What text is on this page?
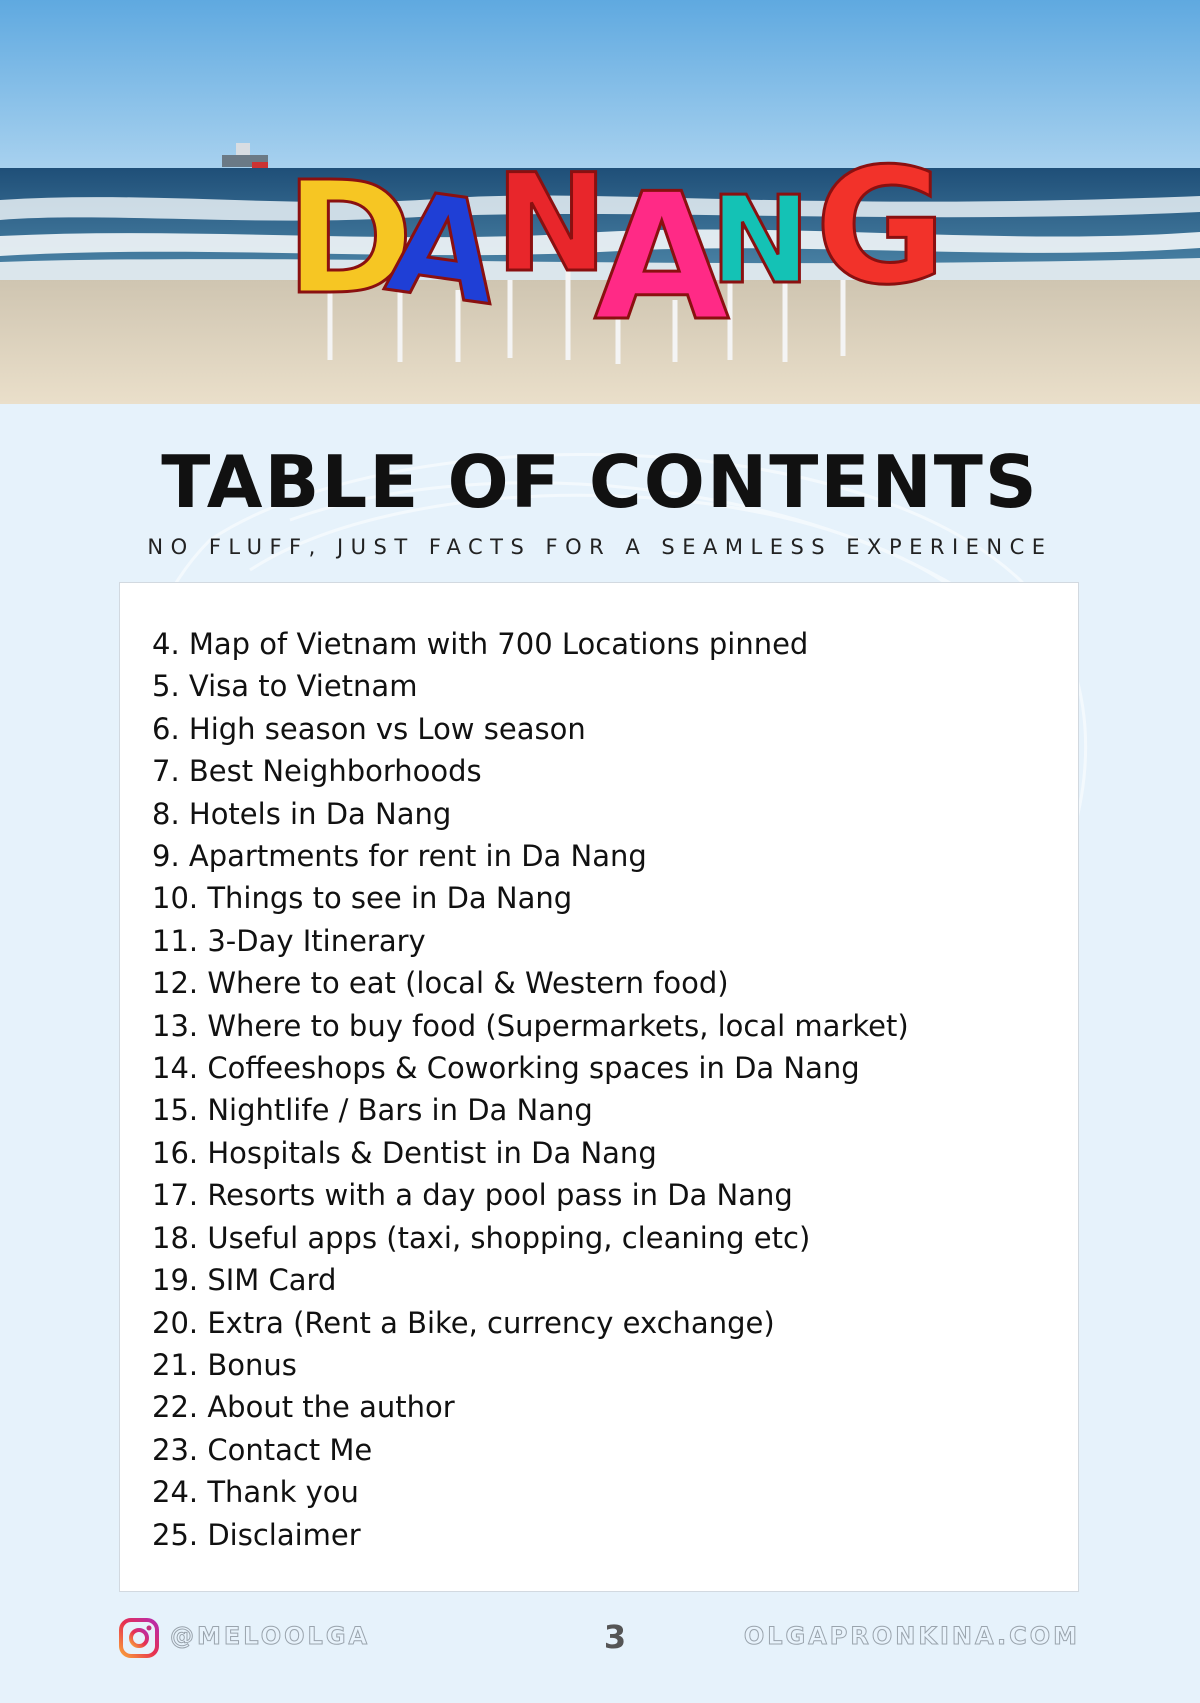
D
A
N
A
N G
TABLE OF CONTENTS

NO FLUFF, JUST FACTS FOR A SEAMLESS EXPERIENCE

4. Map of Vietnam with 700 Locations pinned
5. Visa to Vietnam
6. High season vs Low season
7. Best Neighborhoods
8. Hotels in Da Nang
9. Apartments for rent in Da Nang
10. Things to see in Da Nang
11. 3-Day Itinerary
12. Where to eat (local & Western food)
13. Where to buy food (Supermarkets, local market)
14. Coffeeshops & Coworking spaces in Da Nang
15. Nightlife / Bars in Da Nang
16. Hospitals & Dentist in Da Nang
17. Resorts with a day pool pass in Da Nang
18. Useful apps (taxi, shopping, cleaning etc)
19. SIM Card
20. Extra (Rent a Bike, currency exchange)
21. Bonus
22. About the author
23. Contact Me
24. Thank you
25. Disclaimer
@MELOOLGA	3	OLGAPRONKINA.COM
